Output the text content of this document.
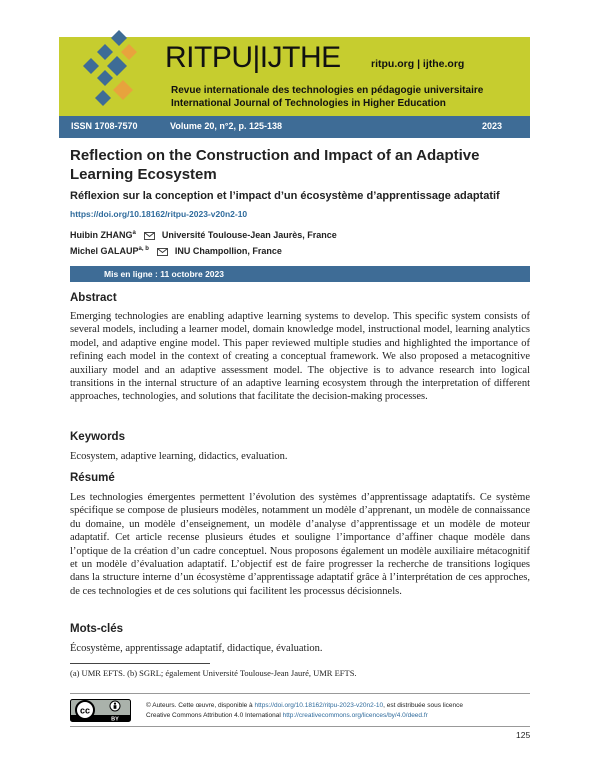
RITPU|IJTHE	ritpu.org | ijthe.org
Revue internationale des technologies en pédagogie universitaire
International Journal of Technologies in Higher Education
ISSN 1708-7570	Volume 20, n°2, p. 125-138	2023
Reflection on the Construction and Impact of an Adaptive Learning Ecosystem
Réflexion sur la conception et l’impact d’un écosystème d’apprentissage adaptatif
https://doi.org/10.18162/ritpu-2023-v20n2-10
Huibin ZHANG$^a$	Université Toulouse-Jean Jaurès, France
Michel GALAUP$^{a, b}$	INU Champollion, France
Mis en ligne : 11 octobre 2023
Abstract
Emerging technologies are enabling adaptive learning systems to develop. This specific system consists of several models, including a learner model, domain knowledge model, instructional model, learning analytics model, and adaptive engine model. This paper reviewed multiple studies and highlighted the importance of refining each model in the context of creating a conceptual framework. We also proposed a metacognitive auxiliary model and an adaptive assessment model. The objective is to advance research into logical transitions in the internal structure of an adaptive learning ecosystem through the interpretation of different approaches, technologies, and solutions that facilitate the decision-making processes.
Keywords
Ecosystem, adaptive learning, didactics, evaluation.
Résumé
Les technologies émergentes permettent l’évolution des systèmes d’apprentissage adaptatifs. Ce système spécifique se compose de plusieurs modèles, notamment un modèle d’apprenant, un modèle de connaissance du domaine, un modèle d’enseignement, un modèle d’analyse d’apprentissage et un modèle de moteur adaptatif. Cet article recense plusieurs études et souligne l’importance d’affiner chaque modèle dans l’optique de la création d’un cadre conceptuel. Nous proposons également un modèle auxiliaire métacognitif et un modèle d’évaluation adaptatif. L’objectif est de faire progresser la recherche de transitions logiques dans la structure interne d’un écosystème d’apprentissage adaptatif grâce à l’interprétation de ces approches, de ces technologies et de ces solutions qui facilitent les processus décisionnels.
Mots-clés
Écosystème, apprentissage adaptatif, didactique, évaluation.
(a) UMR EFTS. (b) SGRL; également Université Toulouse-Jean Jauré, UMR EFTS.
cc
BY
© Auteurs. Cette œuvre, disponible à https://doi.org/10.18162/ritpu-2023-v20n2-10, est distribuée sous licence
Creative Commons Attribution 4.0 International http://creativecommons.org/licences/by/4.0/deed.fr
125
